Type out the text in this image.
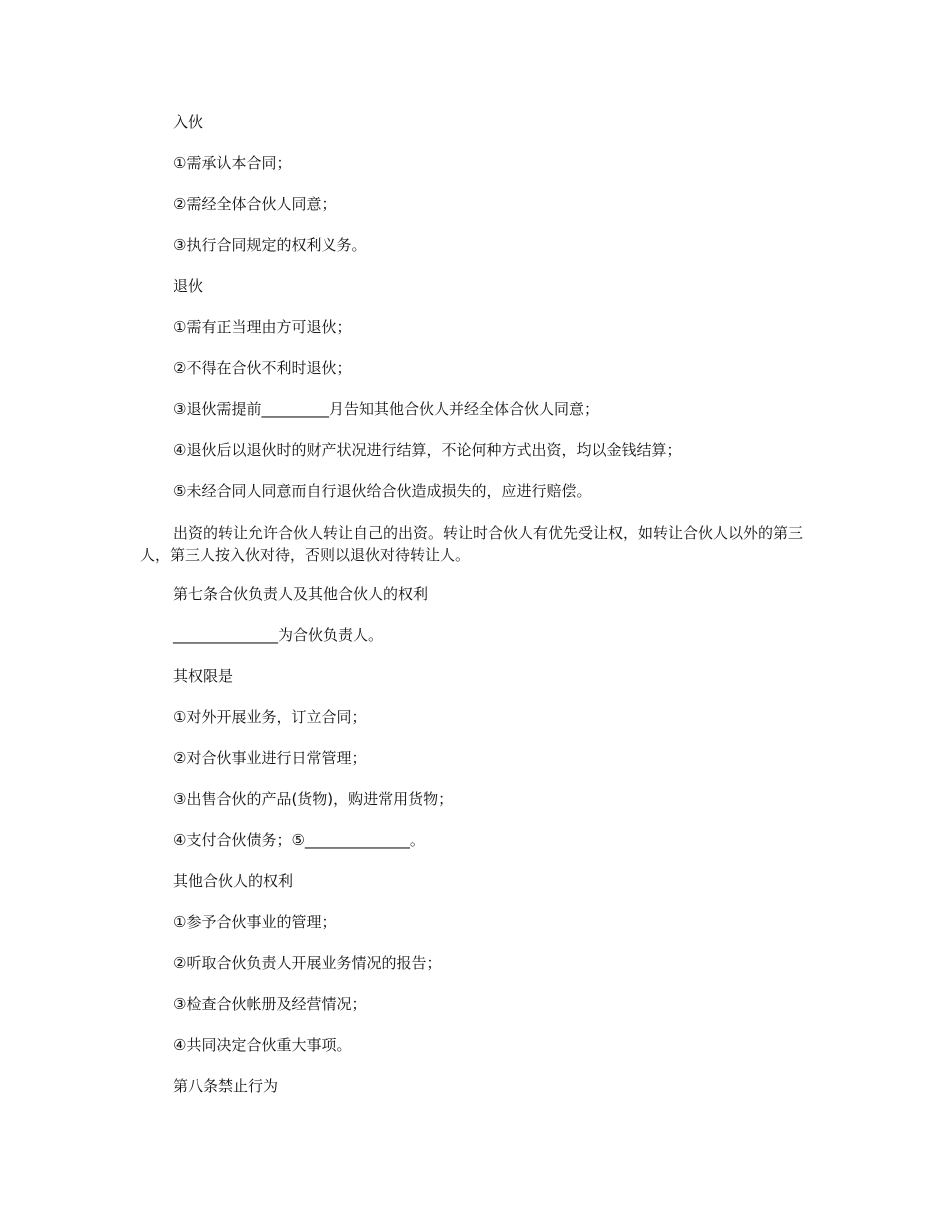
入伙

①需承认本合同；

②需经全体合伙人同意；

③执行合同规定的权利义务。

退伙

①需有正当理由方可退伙；

②不得在合伙不利时退伙；

③退伙需提前_________月告知其他合伙人并经全体合伙人同意；

④退伙后以退伙时的财产状况进行结算，不论何种方式出资，均以金钱结算；

⑤未经合同人同意而自行退伙给合伙造成损失的，应进行赔偿。

出资的转让允许合伙人转让自己的出资。转让时合伙人有优先受让权，如转让合伙人以外的第三人，第三人按入伙对待，否则以退伙对待转让人。

第七条合伙负责人及其他合伙人的权利

______________为合伙负责人。

其权限是

①对外开展业务，订立合同；

②对合伙事业进行日常管理；

③出售合伙的产品(货物)，购进常用货物；

④支付合伙债务；⑤______________。

其他合伙人的权利

①参予合伙事业的管理；

②听取合伙负责人开展业务情况的报告；

③检查合伙帐册及经营情况；

④共同决定合伙重大事项。

第八条禁止行为
